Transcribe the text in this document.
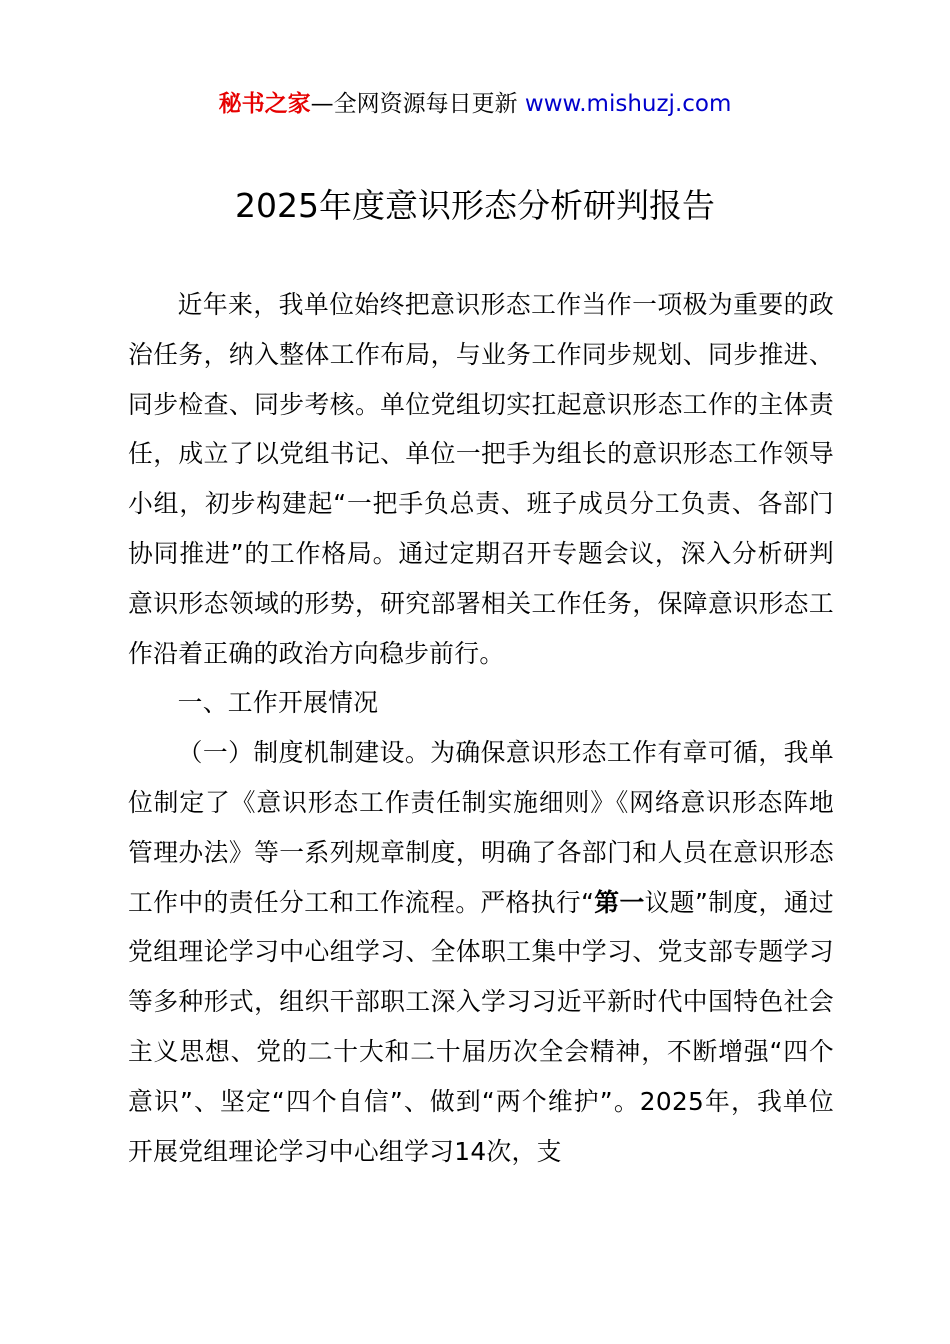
秘书之家—全网资源每日更新 www.mishuzj.com
2025年度意识形态分析研判报告

近年来，我单位始终把意识形态工作当作一项极为重要的政治任务，纳入整体工作布局，与业务工作同步规划、同步推进、同步检查、同步考核。单位党组切实扛起意识形态工作的主体责任，成立了以党组书记、单位一把手为组长的意识形态工作领导小组，初步构建起“一把手负总责、班子成员分工负责、各部门协同推进”的工作格局。通过定期召开专题会议，深入分析研判意识形态领域的形势，研究部署相关工作任务，保障意识形态工作沿着正确的政治方向稳步前行。

一、工作开展情况

（一）制度机制建设。为确保意识形态工作有章可循，我单位制定了《意识形态工作责任制实施细则》《网络意识形态阵地管理办法》等一系列规章制度，明确了各部门和人员在意识形态工作中的责任分工和工作流程。严格执行“第一议题”制度，通过党组理论学习中心组学习、全体职工集中学习、党支部专题学习等多种形式，组织干部职工深入学习习近平新时代中国特色社会主义思想、党的二十大和二十届历次全会精神，不断增强“四个意识”、坚定“四个自信”、做到“两个维护”。2025年，我单位开展党组理论学习中心组学习14次，支
